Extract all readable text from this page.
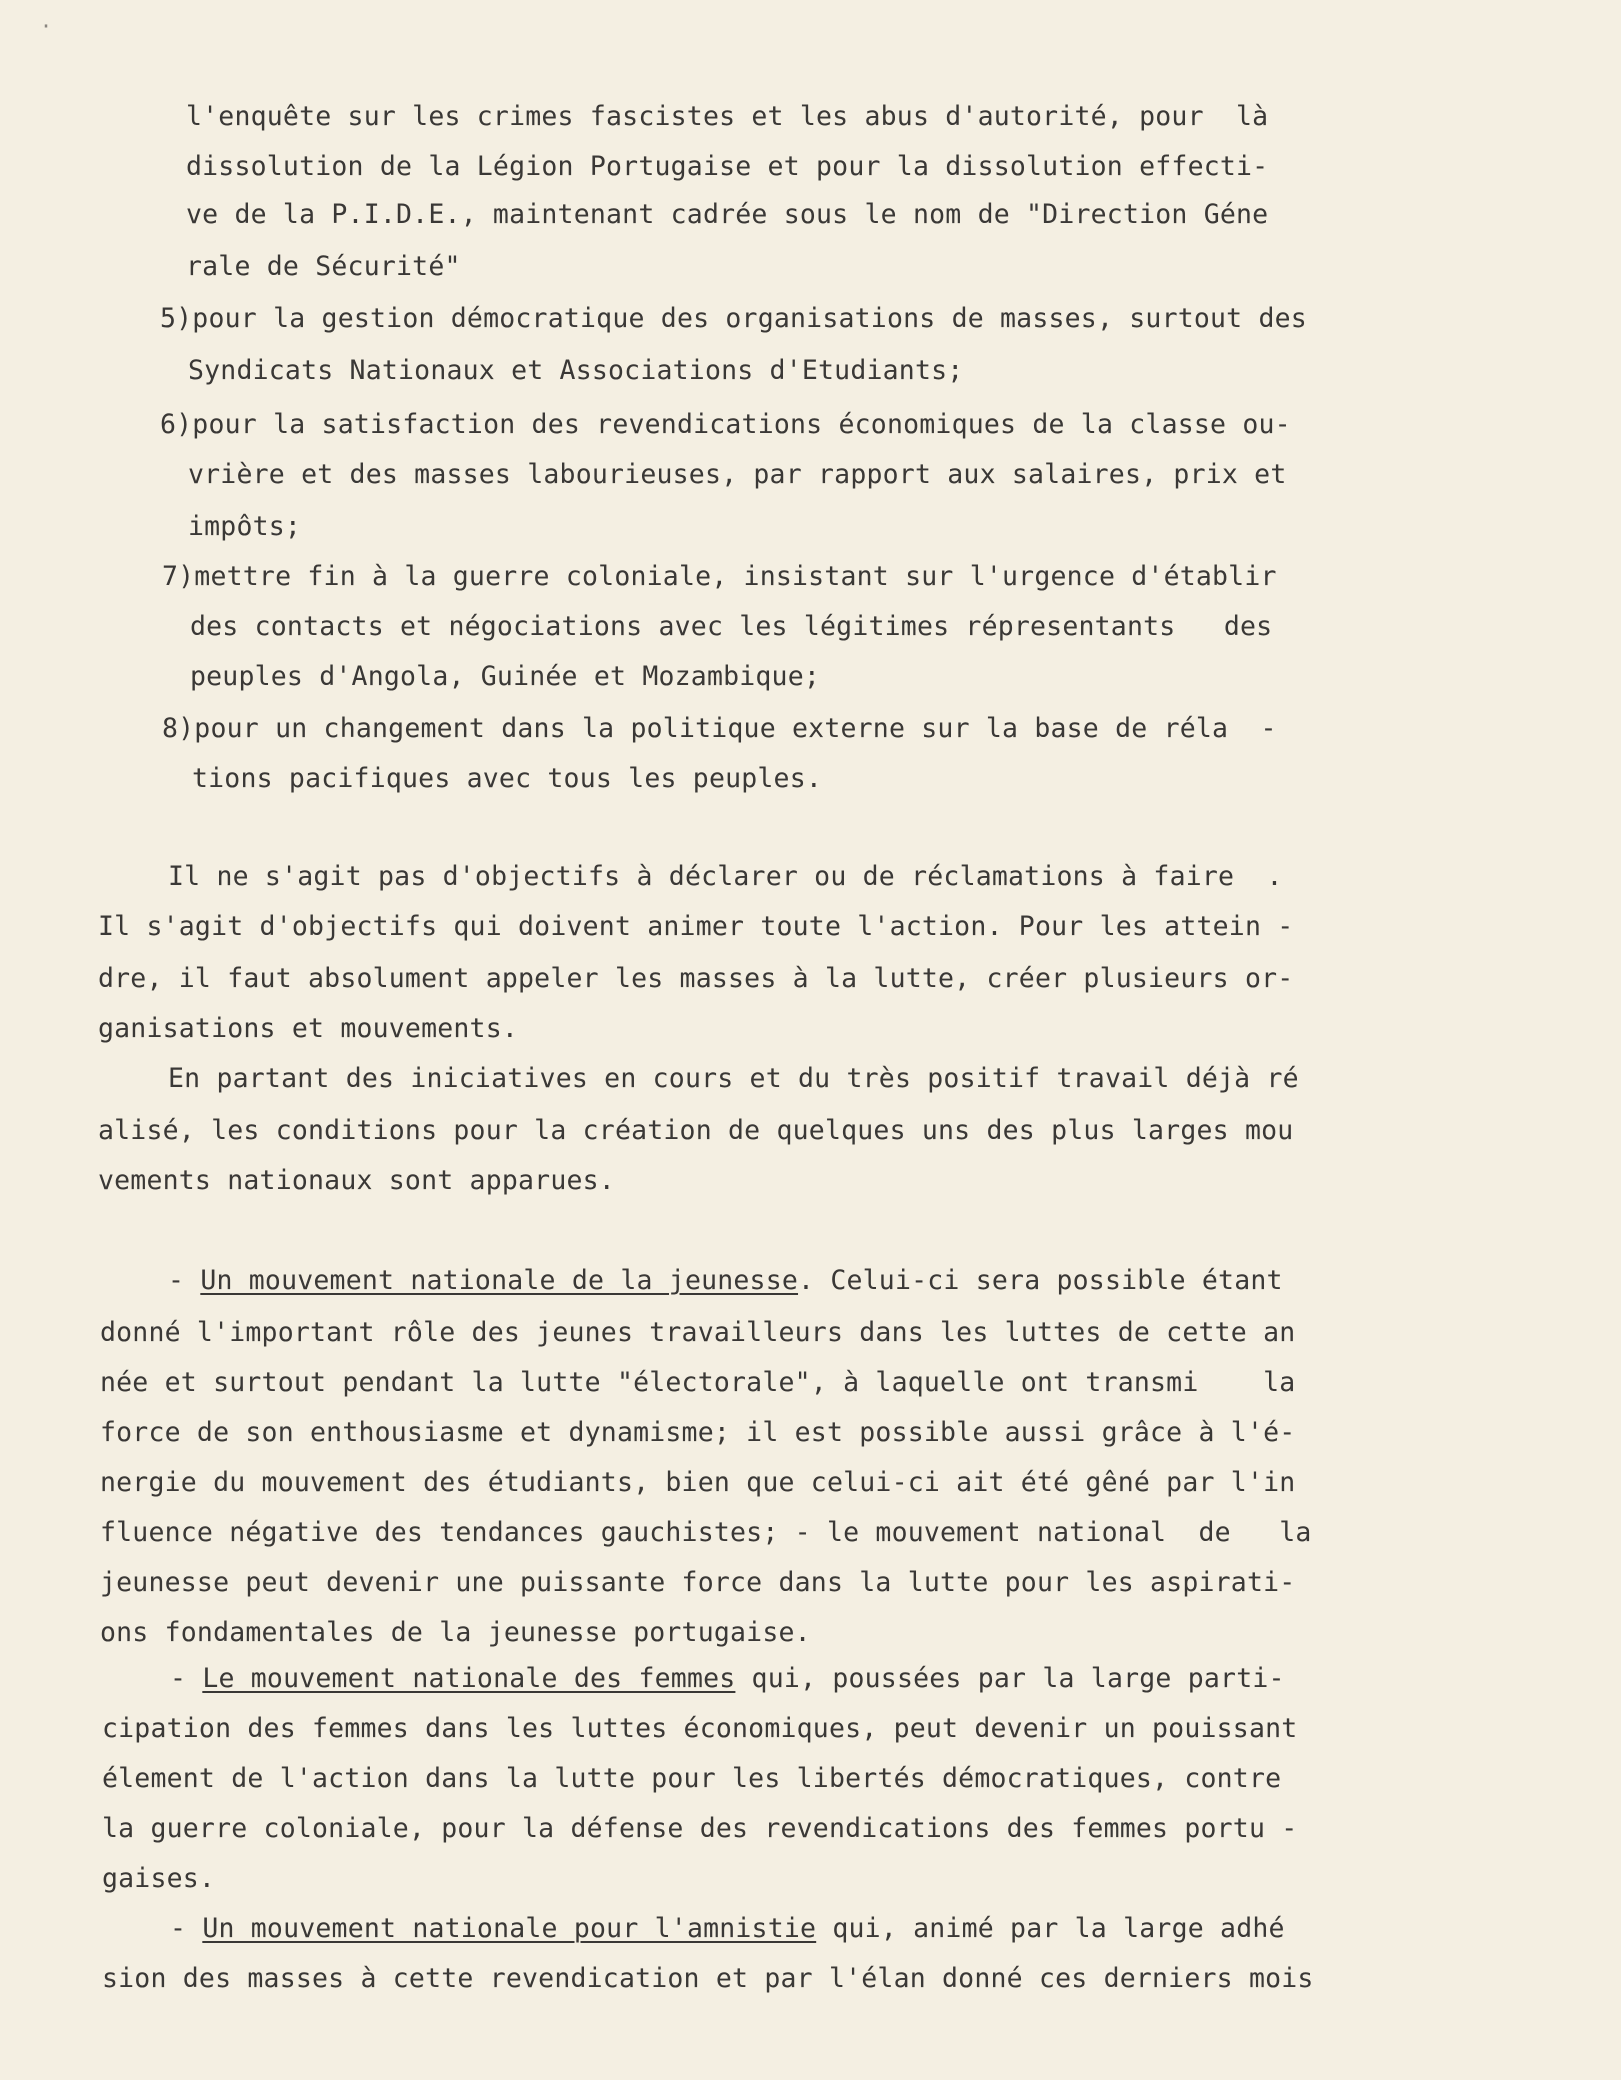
·
l'enquête sur les crimes fascistes et les abus d'autorité, pour  là
dissolution de la Légion Portugaise et pour la dissolution effecti-
ve de la P.I.D.E., maintenant cadrée sous le nom de "Direction Géne
rale de Sécurité"
5)pour la gestion démocratique des organisations de masses, surtout des
Syndicats Nationaux et Associations d'Etudiants;
6)pour la satisfaction des revendications économiques de la classe ou-
vrière et des masses labourieuses, par rapport aux salaires, prix et
impôts;
7)mettre fin à la guerre coloniale, insistant sur l'urgence d'établir
des contacts et négociations avec les légitimes répresentants   des
peuples d'Angola, Guinée et Mozambique;
8)pour un changement dans la politique externe sur la base de réla  -
tions pacifiques avec tous les peuples.
Il ne s'agit pas d'objectifs à déclarer ou de réclamations à faire  .
Il s'agit d'objectifs qui doivent animer toute l'action. Pour les attein -
dre, il faut absolument appeler les masses à la lutte, créer plusieurs or-
ganisations et mouvements.
En partant des iniciatives en cours et du très positif travail déjà ré
alisé, les conditions pour la création de quelques uns des plus larges mou
vements nationaux sont apparues.
- Un mouvement nationale de la jeunesse. Celui-ci sera possible étant
donné l'important rôle des jeunes travailleurs dans les luttes de cette an
née et surtout pendant la lutte "électorale", à laquelle ont transmi    la
force de son enthousiasme et dynamisme; il est possible aussi grâce à l'é-
nergie du mouvement des étudiants, bien que celui-ci ait été gêné par l'in
fluence négative des tendances gauchistes; - le mouvement national  de   la
jeunesse peut devenir une puissante force dans la lutte pour les aspirati-
ons fondamentales de la jeunesse portugaise.
- Le mouvement nationale des femmes qui, poussées par la large parti-
cipation des femmes dans les luttes économiques, peut devenir un pouissant
élement de l'action dans la lutte pour les libertés démocratiques, contre
la guerre coloniale, pour la défense des revendications des femmes portu -
gaises.
- Un mouvement nationale pour l'amnistie qui, animé par la large adhé
sion des masses à cette revendication et par l'élan donné ces derniers mois
